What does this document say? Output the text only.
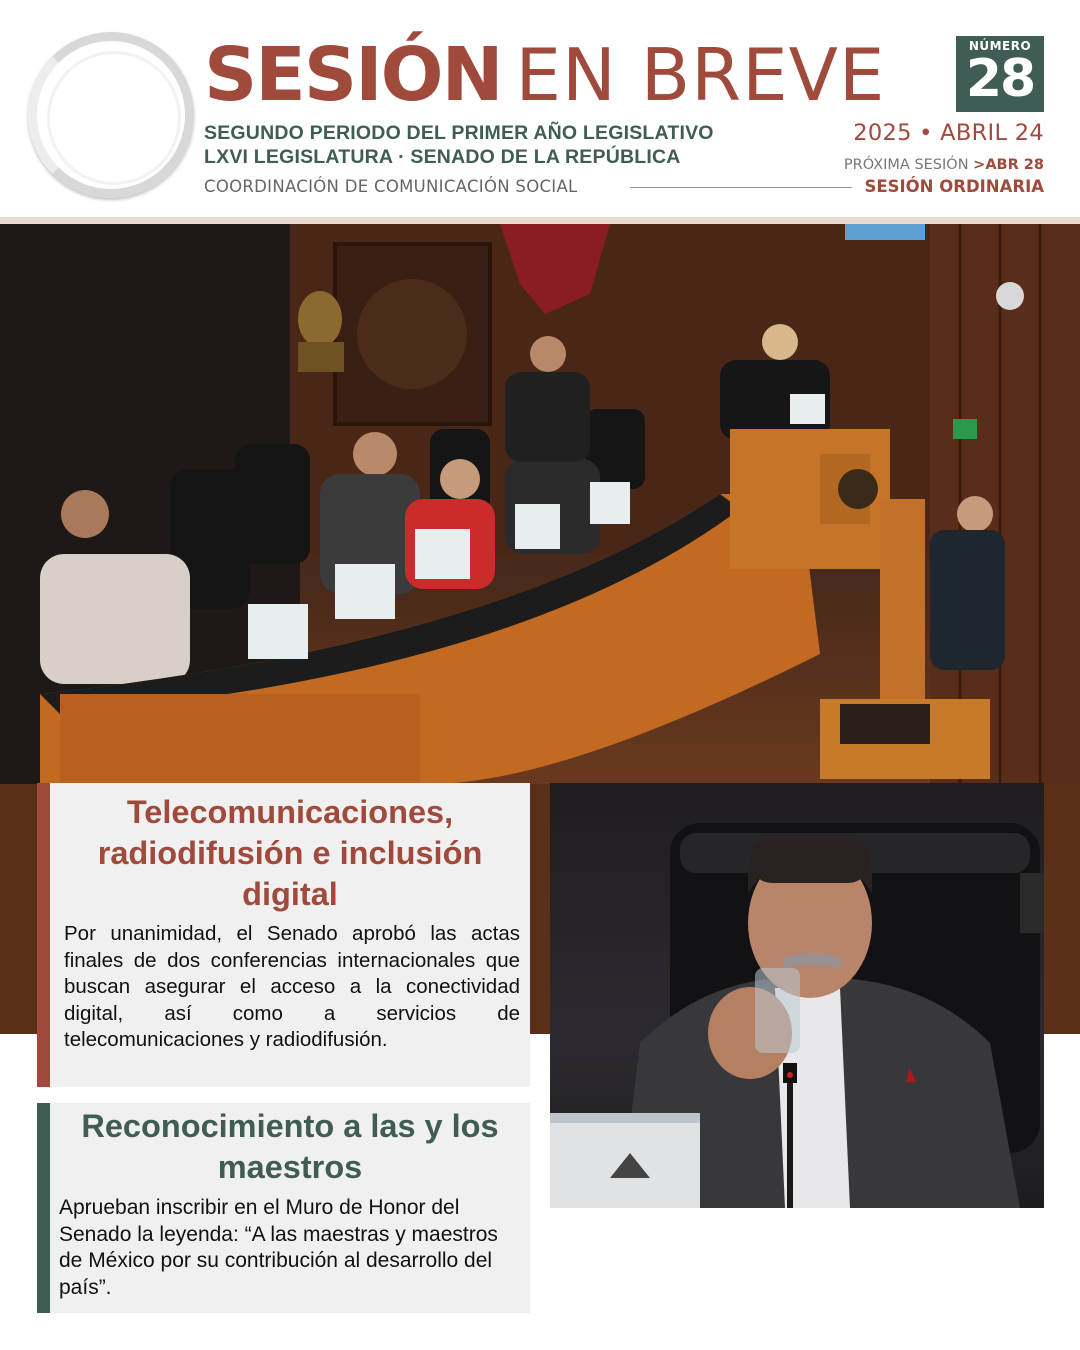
SESIÓN EN BREVE	NÚMERO
28
SEGUNDO PERIODO DEL PRIMER AÑO LEGISLATIVO
LXVI LEGISLATURA · SENADO DE LA REPÚBLICA
COORDINACIÓN DE COMUNICACIÓN SOCIAL
2025 • ABRIL 24
PRÓXIMA SESIÓN >ABR 28
SESIÓN ORDINARIA
Telecomunicaciones, radiodifusión e inclusión digital

Por unanimidad, el Senado aprobó las actas finales de dos conferencias internacionales que buscan asegurar el acceso a la conectividad digital, así como a servicios de telecomunicaciones y radiodifusión.

Reconocimiento a las y los maestros

Aprueban inscribir en el Muro de Honor del Senado la leyenda: “A las maestras y maestros de México por su contribución al desarrollo del país”.
